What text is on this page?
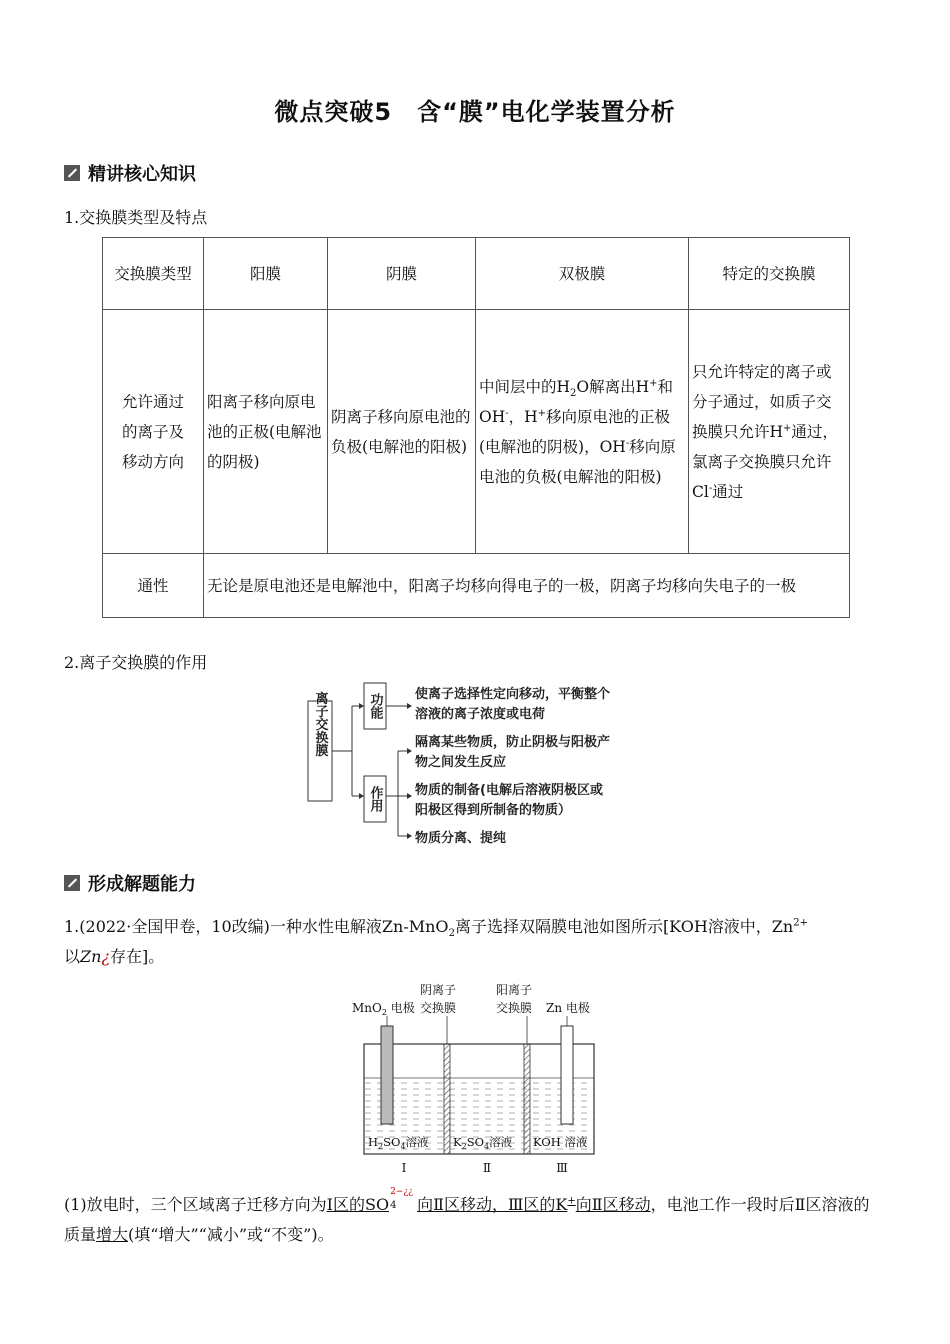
微点突破5　含“膜”电化学装置分析
精讲核心知识
1.交换膜类型及特点
交换膜类型	阳膜	阴膜	双极膜	特定的交换膜
允许通过的离子及移动方向	阳离子移向原电池的正极(电解池的阴极)	阴离子移向原电池的负极(电解池的阳极)	中间层中的$H_2O$解离出H+和OH-，H+移向原电池的正极(电解池的阴极)，OH-移向原电池的负极(电解池的阳极)	只允许特定的离子或分子通过，如质子交换膜只允许H+通过，氯离子交换膜只允许Cl-通过
通性	无论是原电池还是电解池中，阳离子均移向得电子的一极，阴离子均移向失电子的一极			
2.离子交换膜的作用
离子交换膜	功能
作用
使离子选择性定向移动，平衡整个
溶液的离子浓度或电荷
隔离某些物质，防止阴极与阳极产
物之间发生反应
物质的制备(电解后溶液阴极区或
阳极区得到所制备的物质）
物质分离、提纯
形成解题能力
1.(2022·全国甲卷，10改编)一种水性电解液Zn-MnO$_2$离子选择双隔膜电池如图所示[KOH溶液中，$Zn^{2+}$
以Zn¿存在]。
MnO$_2$ 电极
阴离子
交换膜
阳离子
交换膜 Zn 电极
$H_2SO_4$溶液 $K_2SO_4$溶液 KOH 溶液
Ⅰ	Ⅱ	Ⅲ
(1)放电时，三个区域离子迁移方向为Ⅰ区的SO 4
2−¿¿
向Ⅱ区移动，Ⅲ区的K+向Ⅱ区移动，电池工作一段时后Ⅱ区溶液的质量增大(填“增大”“减小”或“不变”)。
